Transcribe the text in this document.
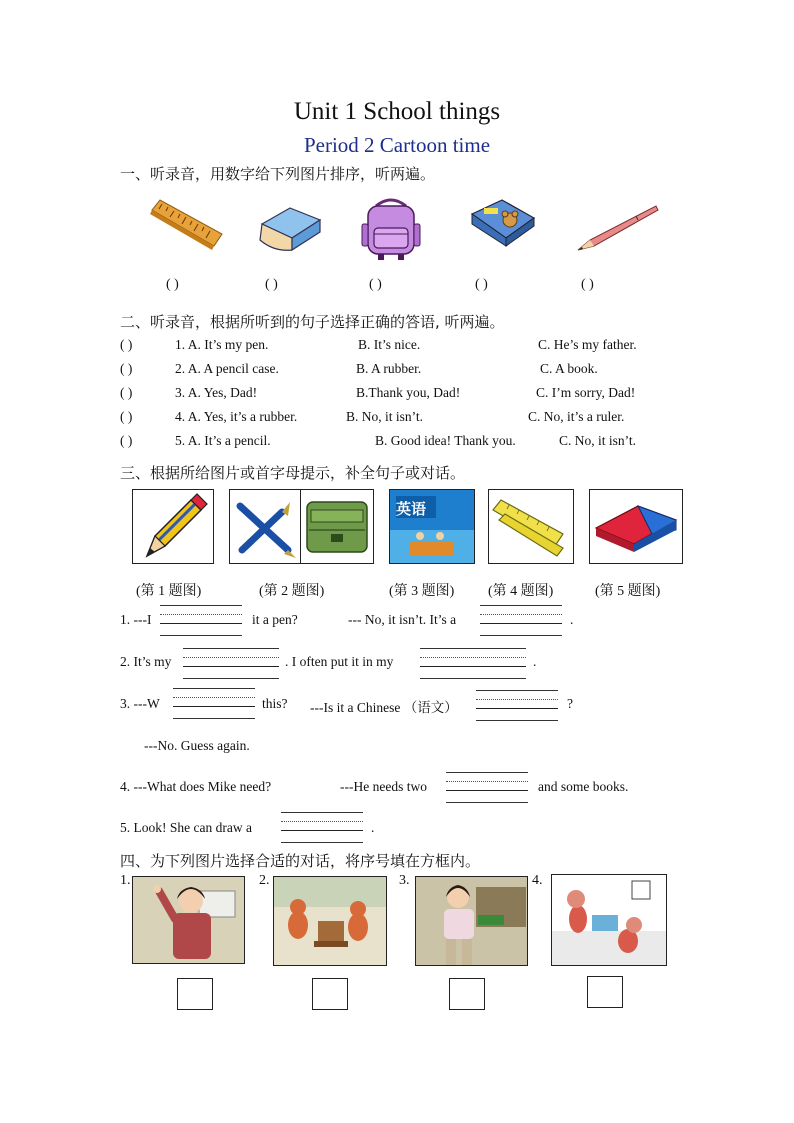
Unit 1 School things
Period 2 Cartoon time
一、听录音，用数字给下列图片排序，听两遍。
( )	( )	( )	( )	( )
二、听录音，根据所听到的句子选择正确的答语, 听两遍。
( )	1. A. It’s my pen.	B. It’s nice.	C. He’s my father.
( )	2. A. A pencil case.	B. A rubber.	C. A book.
( )	3. A. Yes, Dad!	B.Thank you, Dad!	C. I’m sorry, Dad!
( )	4. A. Yes, it’s a rubber.	B. No, it isn’t.	C. No, it’s a ruler.
( )	5. A. It’s a pencil.	B. Good idea! Thank you.	C. No, it isn’t.
三、根据所给图片或首字母提示，补全句子或对话。
英语
(第 1 题图)	(第 2 题图)	(第 3 题图) (第 4 题图)	(第 5 题图)
1. ---I	it a pen?	--- No, it isn’t. It’s a	.
2. It’s my	. I often put it in my	.
3. ---W	this? ---Is it a Chinese （语文）	?
---No. Guess again.
4. ---What does Mike need?	---He needs two	and some books.
5. Look! She can draw a	.
四、为下列图片选择合适的对话，将序号填在方框内。
1.	2.	3.	4.
